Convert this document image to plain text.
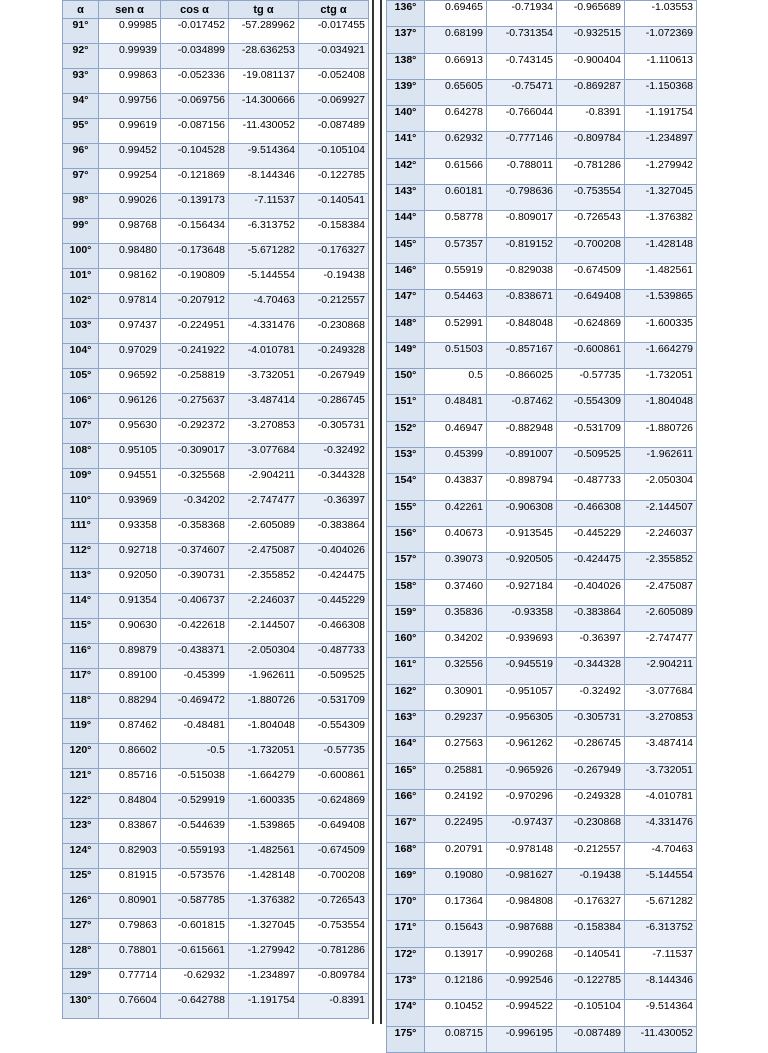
α	sen α	cos α	tg α	ctg α
91°	0.99985	-0.017452	-57.289962	-0.017455
92°	0.99939	-0.034899	-28.636253	-0.034921
93°	0.99863	-0.052336	-19.081137	-0.052408
94°	0.99756	-0.069756	-14.300666	-0.069927
95°	0.99619	-0.087156	-11.430052	-0.087489
96°	0.99452	-0.104528	-9.514364	-0.105104
97°	0.99254	-0.121869	-8.144346	-0.122785
98°	0.99026	-0.139173	-7.11537	-0.140541
99°	0.98768	-0.156434	-6.313752	-0.158384
100°	0.98480	-0.173648	-5.671282	-0.176327
101°	0.98162	-0.190809	-5.144554	-0.19438
102°	0.97814	-0.207912	-4.70463	-0.212557
103°	0.97437	-0.224951	-4.331476	-0.230868
104°	0.97029	-0.241922	-4.010781	-0.249328
105°	0.96592	-0.258819	-3.732051	-0.267949
106°	0.96126	-0.275637	-3.487414	-0.286745
107°	0.95630	-0.292372	-3.270853	-0.305731
108°	0.95105	-0.309017	-3.077684	-0.32492
109°	0.94551	-0.325568	-2.904211	-0.344328
110°	0.93969	-0.34202	-2.747477	-0.36397
111°	0.93358	-0.358368	-2.605089	-0.383864
112°	0.92718	-0.374607	-2.475087	-0.404026
113°	0.92050	-0.390731	-2.355852	-0.424475
114°	0.91354	-0.406737	-2.246037	-0.445229
115°	0.90630	-0.422618	-2.144507	-0.466308
116°	0.89879	-0.438371	-2.050304	-0.487733
117°	0.89100	-0.45399	-1.962611	-0.509525
118°	0.88294	-0.469472	-1.880726	-0.531709
119°	0.87462	-0.48481	-1.804048	-0.554309
120°	0.86602	-0.5	-1.732051	-0.57735
121°	0.85716	-0.515038	-1.664279	-0.600861
122°	0.84804	-0.529919	-1.600335	-0.624869
123°	0.83867	-0.544639	-1.539865	-0.649408
124°	0.82903	-0.559193	-1.482561	-0.674509
125°	0.81915	-0.573576	-1.428148	-0.700208
126°	0.80901	-0.587785	-1.376382	-0.726543
127°	0.79863	-0.601815	-1.327045	-0.753554
128°	0.78801	-0.615661	-1.279942	-0.781286
129°	0.77714	-0.62932	-1.234897	-0.809784
130°	0.76604	-0.642788	-1.191754	-0.8391
136°	0.69465	-0.71934	-0.965689	-1.03553
137°	0.68199	-0.731354	-0.932515	-1.072369
138°	0.66913	-0.743145	-0.900404	-1.110613
139°	0.65605	-0.75471	-0.869287	-1.150368
140°	0.64278	-0.766044	-0.8391	-1.191754
141°	0.62932	-0.777146	-0.809784	-1.234897
142°	0.61566	-0.788011	-0.781286	-1.279942
143°	0.60181	-0.798636	-0.753554	-1.327045
144°	0.58778	-0.809017	-0.726543	-1.376382
145°	0.57357	-0.819152	-0.700208	-1.428148
146°	0.55919	-0.829038	-0.674509	-1.482561
147°	0.54463	-0.838671	-0.649408	-1.539865
148°	0.52991	-0.848048	-0.624869	-1.600335
149°	0.51503	-0.857167	-0.600861	-1.664279
150°	0.5	-0.866025	-0.57735	-1.732051
151°	0.48481	-0.87462	-0.554309	-1.804048
152°	0.46947	-0.882948	-0.531709	-1.880726
153°	0.45399	-0.891007	-0.509525	-1.962611
154°	0.43837	-0.898794	-0.487733	-2.050304
155°	0.42261	-0.906308	-0.466308	-2.144507
156°	0.40673	-0.913545	-0.445229	-2.246037
157°	0.39073	-0.920505	-0.424475	-2.355852
158°	0.37460	-0.927184	-0.404026	-2.475087
159°	0.35836	-0.93358	-0.383864	-2.605089
160°	0.34202	-0.939693	-0.36397	-2.747477
161°	0.32556	-0.945519	-0.344328	-2.904211
162°	0.30901	-0.951057	-0.32492	-3.077684
163°	0.29237	-0.956305	-0.305731	-3.270853
164°	0.27563	-0.961262	-0.286745	-3.487414
165°	0.25881	-0.965926	-0.267949	-3.732051
166°	0.24192	-0.970296	-0.249328	-4.010781
167°	0.22495	-0.97437	-0.230868	-4.331476
168°	0.20791	-0.978148	-0.212557	-4.70463
169°	0.19080	-0.981627	-0.19438	-5.144554
170°	0.17364	-0.984808	-0.176327	-5.671282
171°	0.15643	-0.987688	-0.158384	-6.313752
172°	0.13917	-0.990268	-0.140541	-7.11537
173°	0.12186	-0.992546	-0.122785	-8.144346
174°	0.10452	-0.994522	-0.105104	-9.514364
175°	0.08715	-0.996195	-0.087489	-11.430052
